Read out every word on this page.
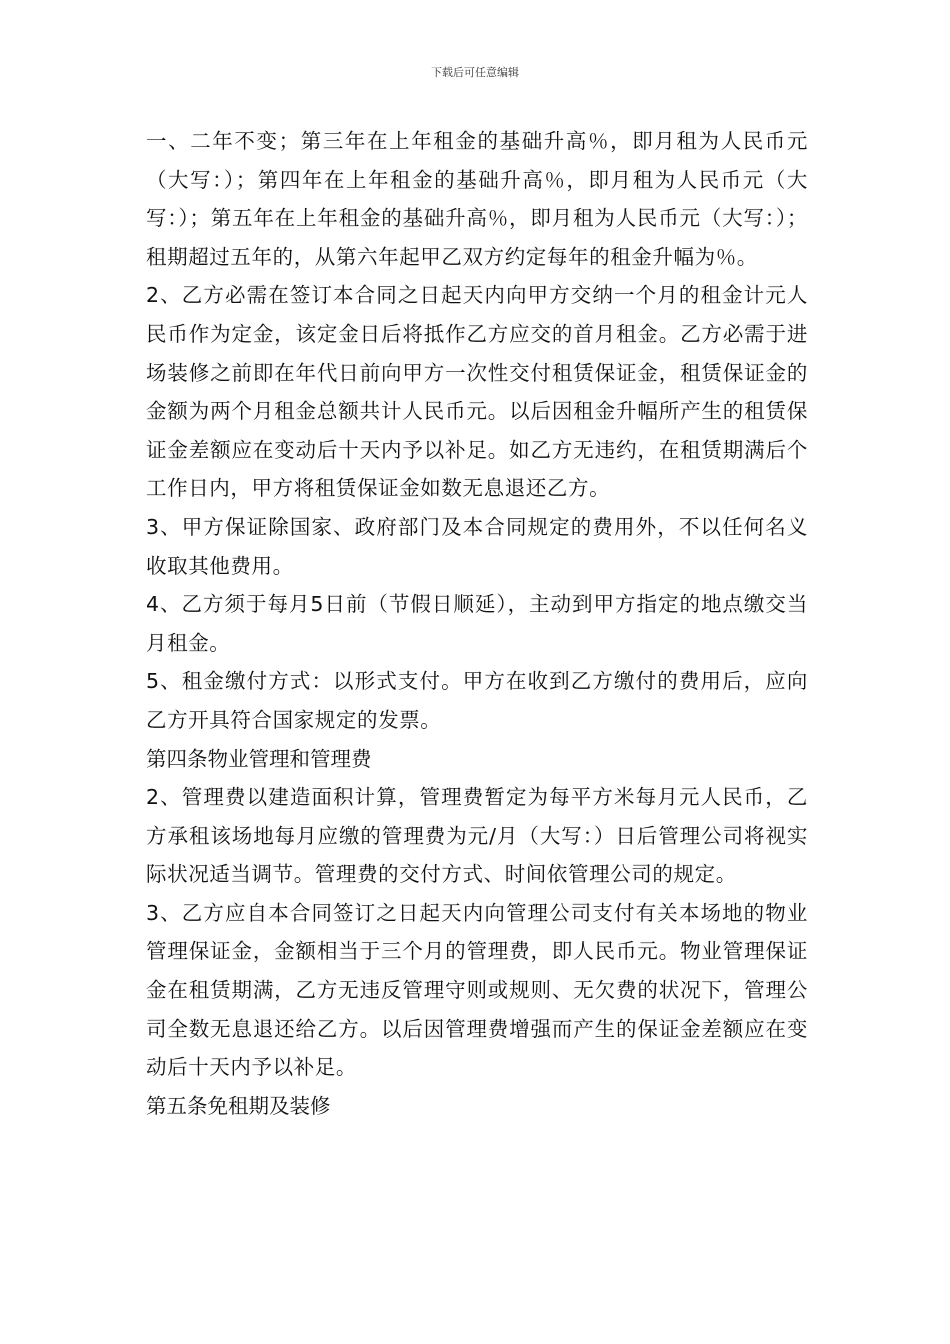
下载后可任意编辑

一、二年不变；第三年在上年租金的基础升高％，即月租为人民币元（大写：）；第四年在上年租金的基础升高％，即月租为人民币元（大写：）；第五年在上年租金的基础升高％，即月租为人民币元（大写：）；租期超过五年的，从第六年起甲乙双方约定每年的租金升幅为％。

2、乙方必需在签订本合同之日起天内向甲方交纳一个月的租金计元人民币作为定金，该定金日后将抵作乙方应交的首月租金。乙方必需于进场装修之前即在年代日前向甲方一次性交付租赁保证金，租赁保证金的金额为两个月租金总额共计人民币元。以后因租金升幅所产生的租赁保证金差额应在变动后十天内予以补足。如乙方无违约，在租赁期满后个工作日内，甲方将租赁保证金如数无息退还乙方。

3、甲方保证除国家、政府部门及本合同规定的费用外，不以任何名义收取其他费用。

4、乙方须于每月5日前（节假日顺延），主动到甲方指定的地点缴交当月租金。

5、租金缴付方式：以形式支付。甲方在收到乙方缴付的费用后，应向乙方开具符合国家规定的发票。

第四条物业管理和管理费

2、管理费以建造面积计算，管理费暂定为每平方米每月元人民币，乙方承租该场地每月应缴的管理费为元/月（大写：）日后管理公司将视实际状况适当调节。管理费的交付方式、时间依管理公司的规定。

3、乙方应自本合同签订之日起天内向管理公司支付有关本场地的物业管理保证金，金额相当于三个月的管理费，即人民币元。物业管理保证金在租赁期满，乙方无违反管理守则或规则、无欠费的状况下，管理公司全数无息退还给乙方。以后因管理费增强而产生的保证金差额应在变动后十天内予以补足。

第五条免租期及装修
